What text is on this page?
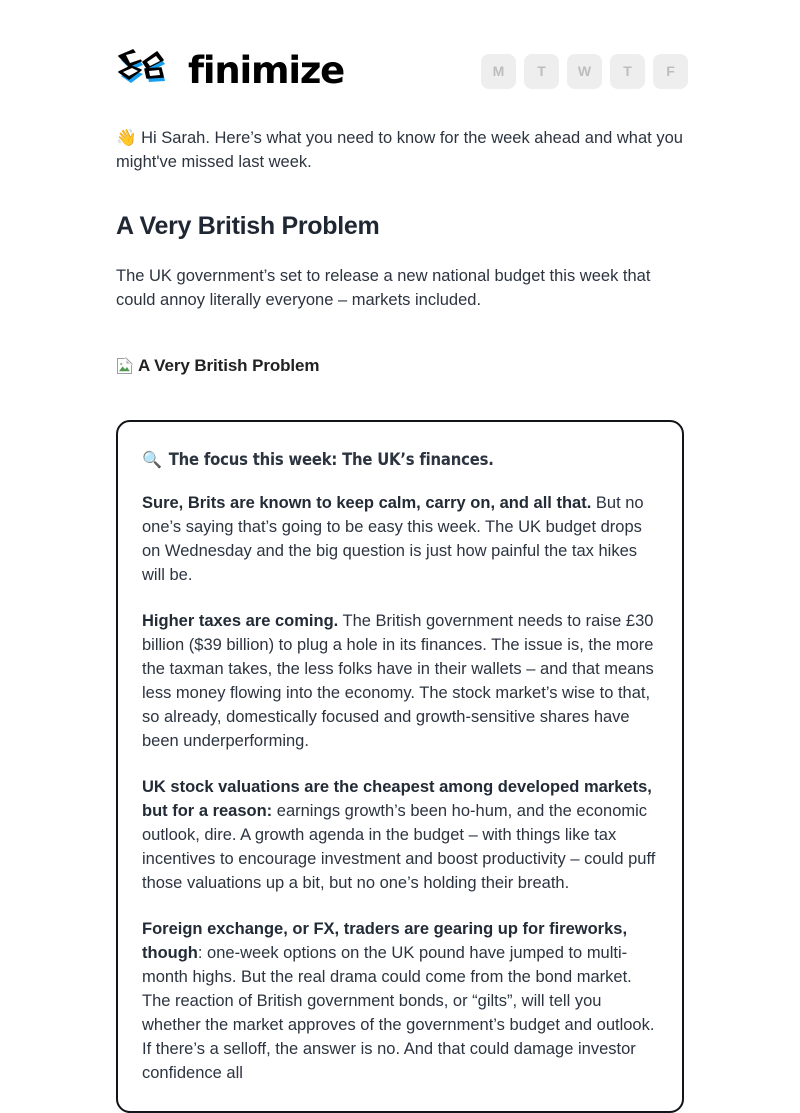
finimize	M	T	W	T	F

👋 Hi Sarah. Here’s what you need to know for the week ahead and what you might've missed last week.

A Very British Problem

The UK government’s set to release a new national budget this week that could annoy literally everyone – markets included.

A Very British Problem
🔍 The focus this week: The UK’s finances.

Sure, Brits are known to keep calm, carry on, and all that. But no one’s saying that’s going to be easy this week. The UK budget drops on Wednesday and the big question is just how painful the tax hikes will be.

Higher taxes are coming. The British government needs to raise £30 billion ($39 billion) to plug a hole in its finances. The issue is, the more the taxman takes, the less folks have in their wallets – and that means less money flowing into the economy. The stock market’s wise to that, so already, domestically focused and growth-sensitive shares have been underperforming.

UK stock valuations are the cheapest among developed markets, but for a reason: earnings growth’s been ho-hum, and the economic outlook, dire. A growth agenda in the budget – with things like tax incentives to encourage investment and boost productivity – could puff those valuations up a bit, but no one’s holding their breath.

Foreign exchange, or FX, traders are gearing up for fireworks, though: one-week options on the UK pound have jumped to multi-month highs. But the real drama could come from the bond market. The reaction of British government bonds, or “gilts”, will tell you whether the market approves of the government’s budget and outlook. If there’s a selloff, the answer is no. And that could damage investor confidence all
